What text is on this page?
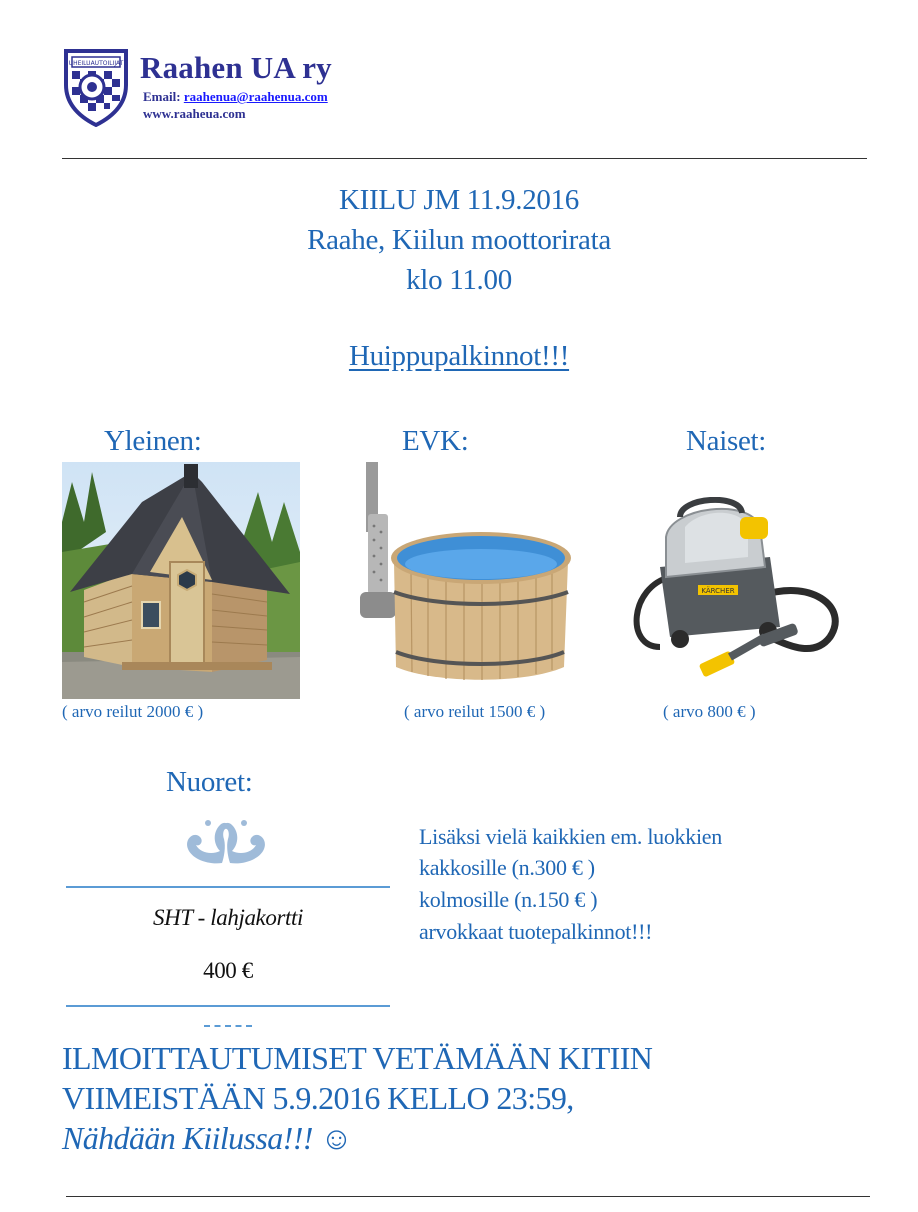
UHEILUAUTOILIJAT Raahen UA ry
Email: raahenua@raahenua.com
www.raaheua.com
KIILU JM 11.9.2016
Raahe, Kiilun moottorirata
klo 11.00
Huippupalkinnot!!!
Yleinen:	EVK:	Naiset:
KÄRCHER
( arvo reilut 2000 € )	( arvo reilut 1500 € )	( arvo 800 € )
Nuoret:
SHT - lahjakortti
400 €
Lisäksi vielä kaikkien em. luokkien
kakkosille (n.300 € )
kolmosille (n.150 € )
arvokkaat tuotepalkinnot!!!
ILMOITTAUTUMISET VETÄMÄÄN KITIIN
VIIMEISTÄÄN 5.9.2016 KELLO 23:59,
Nähdään Kiilussa!!! ☺
